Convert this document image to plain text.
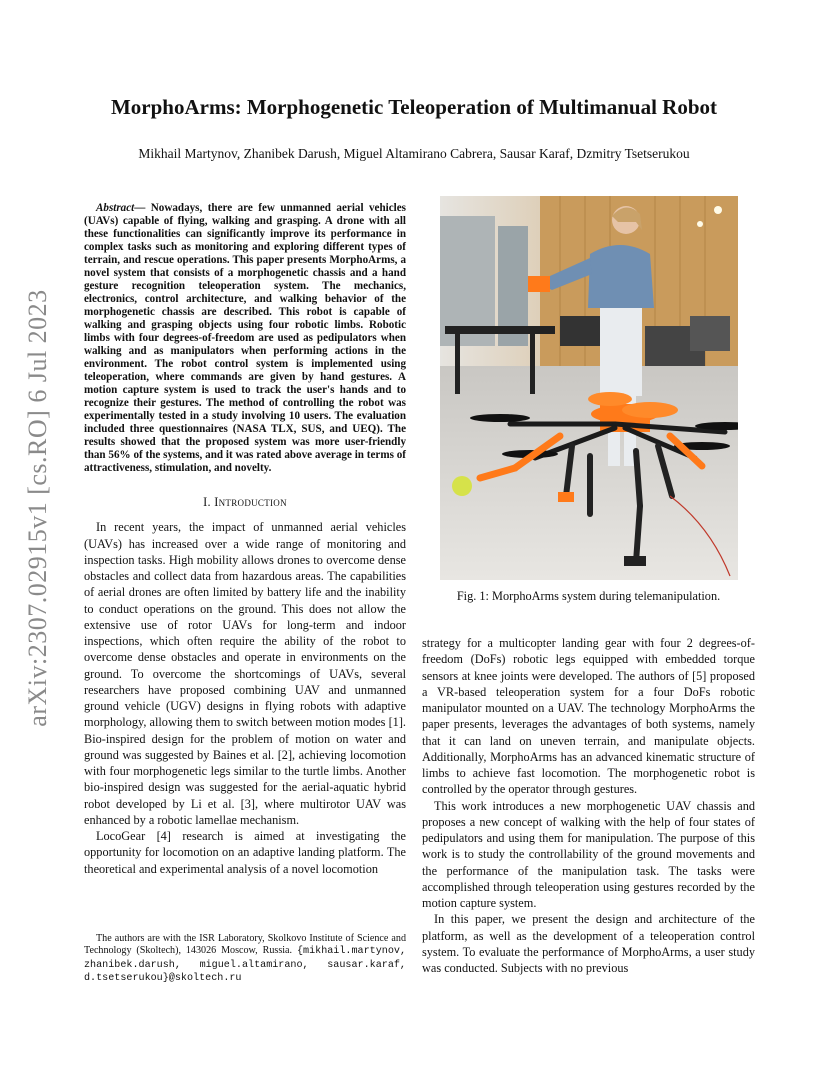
arXiv:2307.02915v1 [cs.RO] 6 Jul 2023
MorphoArms: Morphogenetic Teleoperation of Multimanual Robot
Mikhail Martynov, Zhanibek Darush, Miguel Altamirano Cabrera, Sausar Karaf, Dzmitry Tsetserukou

Abstract— Nowadays, there are few unmanned aerial vehicles (UAVs) capable of flying, walking and grasping. A drone with all these functionalities can significantly improve its performance in complex tasks such as monitoring and exploring different types of terrain, and rescue operations. This paper presents MorphoArms, a novel system that consists of a morphogenetic chassis and a hand gesture recognition teleoperation system. The mechanics, electronics, control architecture, and walking behavior of the morphogenetic chassis are described. This robot is capable of walking and grasping objects using four robotic limbs. Robotic limbs with four degrees-of-freedom are used as pedipulators when walking and as manipulators when performing actions in the environment. The robot control system is implemented using teleoperation, where commands are given by hand gestures. A motion capture system is used to track the user's hands and to recognize their gestures. The method of controlling the robot was experimentally tested in a study involving 10 users. The evaluation included three questionnaires (NASA TLX, SUS, and UEQ). The results showed that the proposed system was more user-friendly than 56% of the systems, and it was rated above average in terms of attractiveness, stimulation, and novelty.

I. Introduction

In recent years, the impact of unmanned aerial vehicles (UAVs) has increased over a wide range of monitoring and inspection tasks. High mobility allows drones to overcome dense obstacles and collect data from hazardous areas. The capabilities of aerial drones are often limited by battery life and the inability to conduct operations on the ground. This does not allow the extensive use of rotor UAVs for long-term and indoor inspections, which often require the ability of the robot to overcome dense obstacles and operate in environments on the ground. To overcome the shortcomings of UAVs, several researchers have proposed combining UAV and unmanned ground vehicle (UGV) designs in flying robots with adaptive morphology, allowing them to switch between motion modes [1]. Bio-inspired design for the problem of motion on water and ground was suggested by Baines et al. [2], achieving locomotion with four morphogenetic legs similar to the turtle limbs. Another bio-inspired design was suggested for the aerial-aquatic hybrid robot developed by Li et al. [3], where multirotor UAV was enhanced by a robotic lamellae mechanism.

LocoGear [4] research is aimed at investigating the opportunity for locomotion on an adaptive landing platform. The theoretical and experimental analysis of a novel locomotion

The authors are with the ISR Laboratory, Skolkovo Institute of Science and Technology (Skoltech), 143026 Moscow, Russia. {mikhail.martynov, zhanibek.darush, miguel.altamirano, sausar.karaf, d.tsetserukou}@skoltech.ru

Fig. 1: MorphoArms system during telemanipulation.

strategy for a multicopter landing gear with four 2 degrees-of-freedom (DoFs) robotic legs equipped with embedded torque sensors at knee joints were developed. The authors of [5] proposed a VR-based teleoperation system for a four DoFs robotic manipulator mounted on a UAV. The technology MorphoArms the paper presents, leverages the advantages of both systems, namely that it can land on uneven terrain, and manipulate objects. Additionally, MorphoArms has an advanced kinematic structure of limbs to achieve fast locomotion. The morphogenetic robot is controlled by the operator through gestures.

This work introduces a new morphogenetic UAV chassis and proposes a new concept of walking with the help of four states of pedipulators and using them for manipulation. The purpose of this work is to study the controllability of the ground movements and the performance of the manipulation task. The tasks were accomplished through teleoperation using gestures recorded by the motion capture system.

In this paper, we present the design and architecture of the platform, as well as the development of a teleoperation control system. To evaluate the performance of MorphoArms, a user study was conducted. Subjects with no previous
